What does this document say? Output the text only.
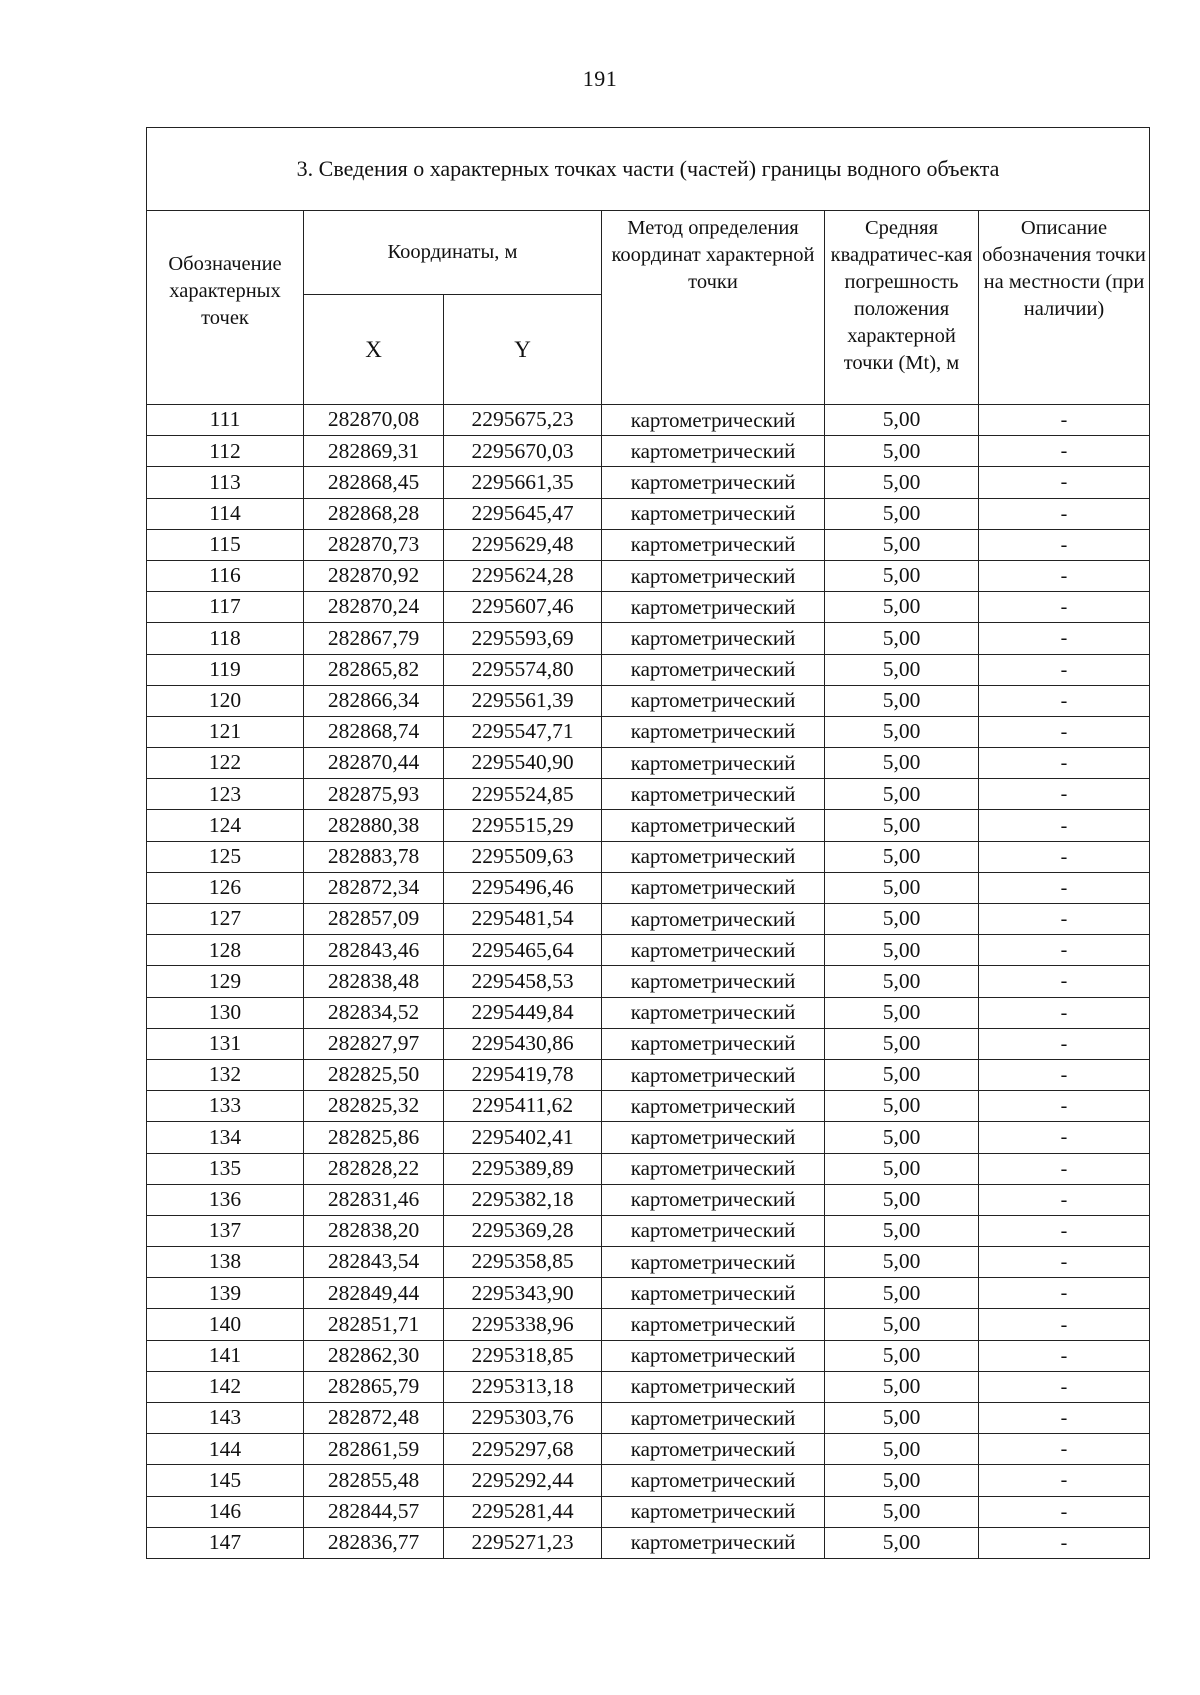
191
3. Сведения о характерных точках части (частей) границы водного объекта					
Обозначение характерных точек	Координаты, м		Метод определения координат характерной точки	Средняя квадратичес-кая погрешность положения характерной точки (Mt), м	Описание обозначения точки на местности (при наличии)
	X	Y			
111	282870,08	2295675,23	картометрический	5,00	-
112	282869,31	2295670,03	картометрический	5,00	-
113	282868,45	2295661,35	картометрический	5,00	-
114	282868,28	2295645,47	картометрический	5,00	-
115	282870,73	2295629,48	картометрический	5,00	-
116	282870,92	2295624,28	картометрический	5,00	-
117	282870,24	2295607,46	картометрический	5,00	-
118	282867,79	2295593,69	картометрический	5,00	-
119	282865,82	2295574,80	картометрический	5,00	-
120	282866,34	2295561,39	картометрический	5,00	-
121	282868,74	2295547,71	картометрический	5,00	-
122	282870,44	2295540,90	картометрический	5,00	-
123	282875,93	2295524,85	картометрический	5,00	-
124	282880,38	2295515,29	картометрический	5,00	-
125	282883,78	2295509,63	картометрический	5,00	-
126	282872,34	2295496,46	картометрический	5,00	-
127	282857,09	2295481,54	картометрический	5,00	-
128	282843,46	2295465,64	картометрический	5,00	-
129	282838,48	2295458,53	картометрический	5,00	-
130	282834,52	2295449,84	картометрический	5,00	-
131	282827,97	2295430,86	картометрический	5,00	-
132	282825,50	2295419,78	картометрический	5,00	-
133	282825,32	2295411,62	картометрический	5,00	-
134	282825,86	2295402,41	картометрический	5,00	-
135	282828,22	2295389,89	картометрический	5,00	-
136	282831,46	2295382,18	картометрический	5,00	-
137	282838,20	2295369,28	картометрический	5,00	-
138	282843,54	2295358,85	картометрический	5,00	-
139	282849,44	2295343,90	картометрический	5,00	-
140	282851,71	2295338,96	картометрический	5,00	-
141	282862,30	2295318,85	картометрический	5,00	-
142	282865,79	2295313,18	картометрический	5,00	-
143	282872,48	2295303,76	картометрический	5,00	-
144	282861,59	2295297,68	картометрический	5,00	-
145	282855,48	2295292,44	картометрический	5,00	-
146	282844,57	2295281,44	картометрический	5,00	-
147	282836,77	2295271,23	картометрический	5,00	-
